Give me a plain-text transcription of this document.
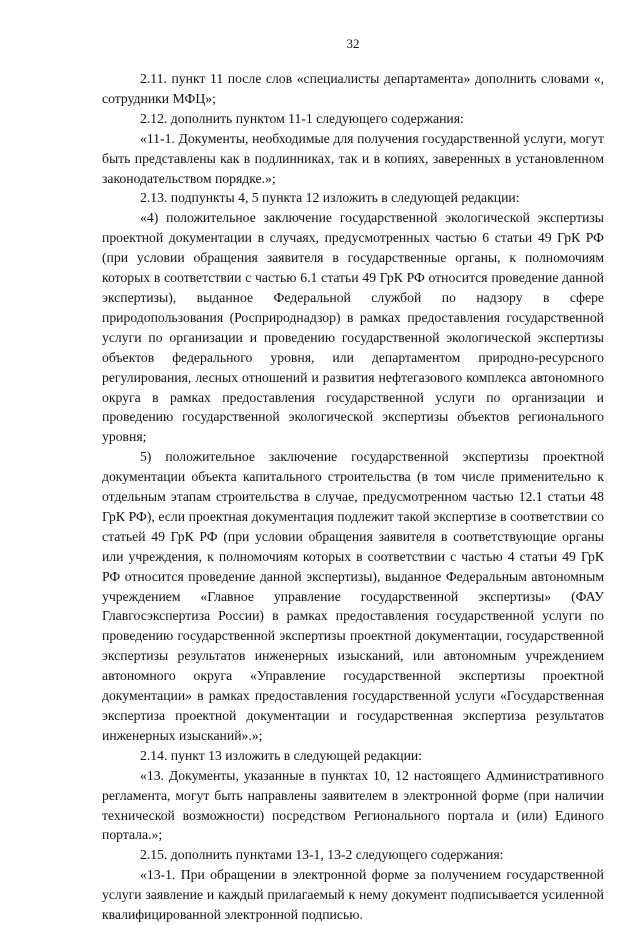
32

2.11. пункт 11 после слов «специалисты департамента» дополнить словами «, сотрудники МФЦ»;

2.12. дополнить пунктом 11-1 следующего содержания:

«11-1. Документы, необходимые для получения государственной услуги, могут быть представлены как в подлинниках, так и в копиях, заверенных в установленном законодательством порядке.»;

2.13. подпункты 4, 5 пункта 12 изложить в следующей редакции:

«4) положительное заключение государственной экологической экспертизы проектной документации в случаях, предусмотренных частью 6 статьи 49 ГрК РФ (при условии обращения заявителя в государственные органы, к полномочиям которых в соответствии с частью 6.1 статьи 49 ГрК РФ относится проведение данной экспертизы), выданное Федеральной службой по надзору в сфере природопользования (Росприроднадзор) в рамках предоставления государственной услуги по организации и проведению государственной экологической экспертизы объектов федерального уровня, или департаментом природно-ресурсного регулирования, лесных отношений и развития нефтегазового комплекса автономного округа в рамках предоставления государственной услуги по организации и проведению государственной экологической экспертизы объектов регионального уровня;

5) положительное заключение государственной экспертизы проектной документации объекта капитального строительства (в том числе применительно к отдельным этапам строительства в случае, предусмотренном частью 12.1 статьи 48 ГрК РФ), если проектная документация подлежит такой экспертизе в соответствии со статьей 49 ГрК РФ (при условии обращения заявителя в соответствующие органы или учреждения, к полномочиям которых в соответствии с частью 4 статьи 49 ГрК РФ относится проведение данной экспертизы), выданное Федеральным автономным учреждением «Главное управление государственной экспертизы» (ФАУ Главгосэкспертиза России) в рамках предоставления государственной услуги по проведению государственной экспертизы проектной документации, государственной экспертизы результатов инженерных изысканий, или автономным учреждением автономного округа «Управление государственной экспертизы проектной документации» в рамках предоставления государственной услуги «Государственная экспертиза проектной документации и государственная экспертиза результатов инженерных изысканий».»;

2.14. пункт 13 изложить в следующей редакции:

«13. Документы, указанные в пунктах 10, 12 настоящего Административного регламента, могут быть направлены заявителем в электронной форме (при наличии технической возможности) посредством Регионального портала и (или) Единого портала.»;

2.15. дополнить пунктами 13-1, 13-2 следующего содержания:

«13-1. При обращении в электронной форме за получением государственной услуги заявление и каждый прилагаемый к нему документ подписывается усиленной квалифицированной электронной подписью.
